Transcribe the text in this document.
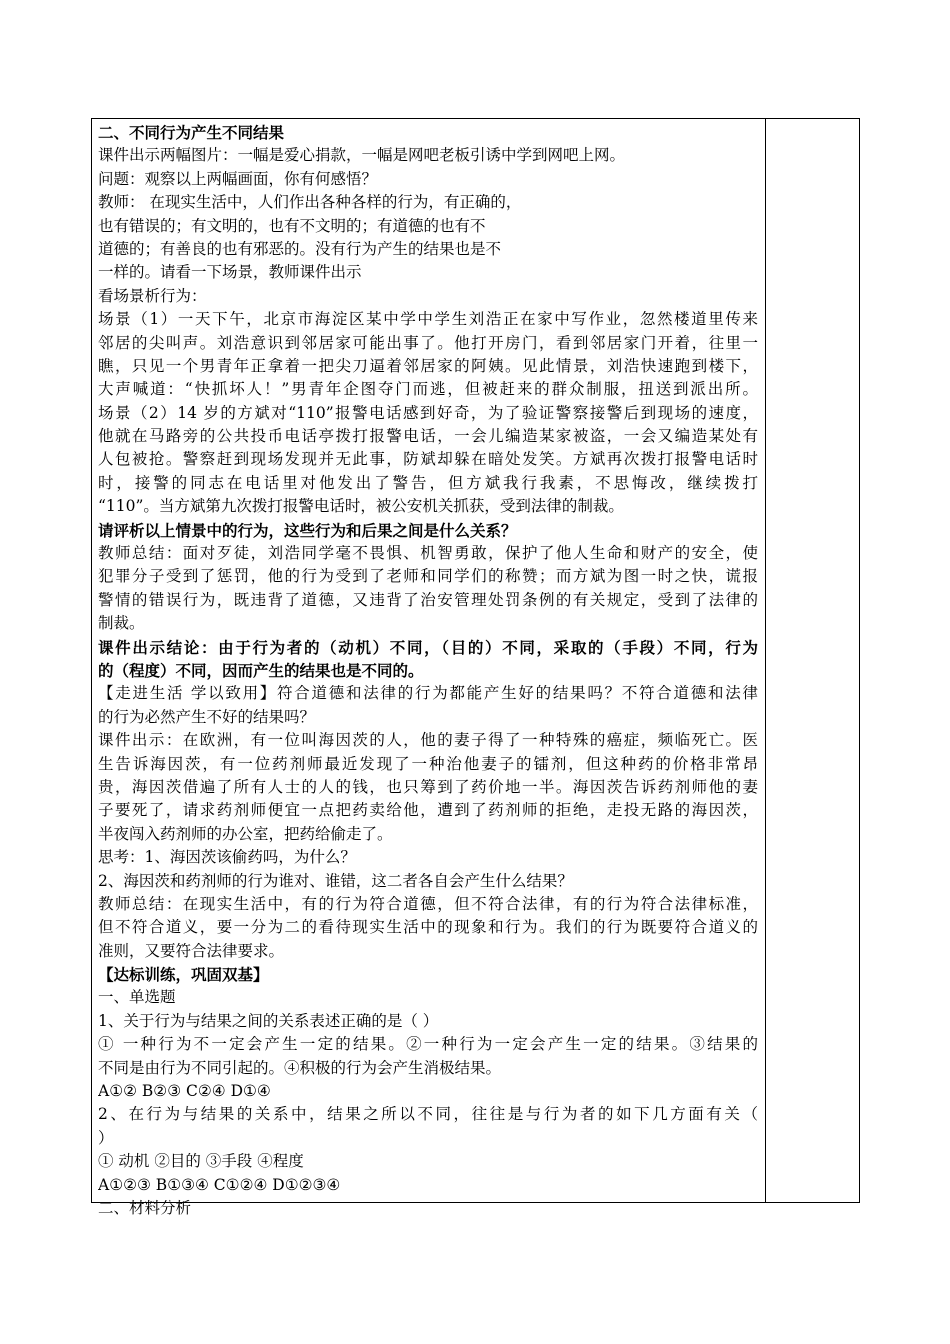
二、不同行为产生不同结果
课件出示两幅图片：一幅是爱心捐款，一幅是网吧老板引诱中学到网吧上网。
问题：观察以上两幅画面，你有何感悟？
教师： 在现实生活中，人们作出各种各样的行为，有正确的，
也有错误的；有文明的，也有不文明的；有道德的也有不
道德的；有善良的也有邪恶的。没有行为产生的结果也是不
一样的。请看一下场景，教师课件出示
看场景析行为：
场景（1）一天下午，北京市海淀区某中学中学生刘浩正在家中写作业，忽然楼道里传来
邻居的尖叫声。刘浩意识到邻居家可能出事了。他打开房门，看到邻居家门开着，往里一
瞧，只见一个男青年正拿着一把尖刀逼着邻居家的阿姨。见此情景，刘浩快速跑到楼下，
大声喊道：“快抓坏人！”男青年企图夺门而逃，但被赶来的群众制服，扭送到派出所。
场景（2）14 岁的方斌对“110”报警电话感到好奇，为了验证警察接警后到现场的速度，
他就在马路旁的公共投币电话亭拨打报警电话，一会儿编造某家被盗，一会又编造某处有
人包被抢。警察赶到现场发现并无此事，防斌却躲在暗处发笑。方斌再次拨打报警电话时
时，接警的同志在电话里对他发出了警告，但方斌我行我素，不思悔改，继续拨打
“110”。当方斌第九次拨打报警电话时，被公安机关抓获，受到法律的制裁。
请评析以上情景中的行为，这些行为和后果之间是什么关系？
教师总结：面对歹徒，刘浩同学毫不畏惧、机智勇敢，保护了他人生命和财产的安全，使
犯罪分子受到了惩罚，他的行为受到了老师和同学们的称赞；而方斌为图一时之快，谎报
警情的错误行为，既违背了道德，又违背了治安管理处罚条例的有关规定，受到了法律的
制裁。
课件出示结论：由于行为者的（动机）不同，（目的）不同，采取的（手段）不同，行为
的（程度）不同，因而产生的结果也是不同的。
【走进生活 学以致用】符合道德和法律的行为都能产生好的结果吗？不符合道德和法律
的行为必然产生不好的结果吗？
课件出示：在欧洲，有一位叫海因茨的人，他的妻子得了一种特殊的癌症，频临死亡。医
生告诉海因茨，有一位药剂师最近发现了一种治他妻子的镭剂，但这种药的价格非常昂
贵，海因茨借遍了所有人士的人的钱，也只筹到了药价地一半。海因茨告诉药剂师他的妻
子要死了，请求药剂师便宜一点把药卖给他，遭到了药剂师的拒绝，走投无路的海因茨，
半夜闯入药剂师的办公室，把药给偷走了。
思考：1、海因茨该偷药吗，为什么？
2、海因茨和药剂师的行为谁对、谁错，这二者各自会产生什么结果？
教师总结：在现实生活中，有的行为符合道德，但不符合法律，有的行为符合法律标准，
但不符合道义，要一分为二的看待现实生活中的现象和行为。我们的行为既要符合道义的
准则，又要符合法律要求。
【达标训练，巩固双基】
一、单选题
1、关于行为与结果之间的关系表述正确的是（ ）
① 一种行为不一定会产生一定的结果。②一种行为一定会产生一定的结果。③结果的
不同是由行为不同引起的。④积极的行为会产生消极结果。
A①② B②③ C②④ D①④
2、在行为与结果的关系中，结果之所以不同，往往是与行为者的如下几方面有关（
）
① 动机 ②目的 ③手段 ④程度
A①②③ B①③④ C①②④ D①②③④
二、材料分析
